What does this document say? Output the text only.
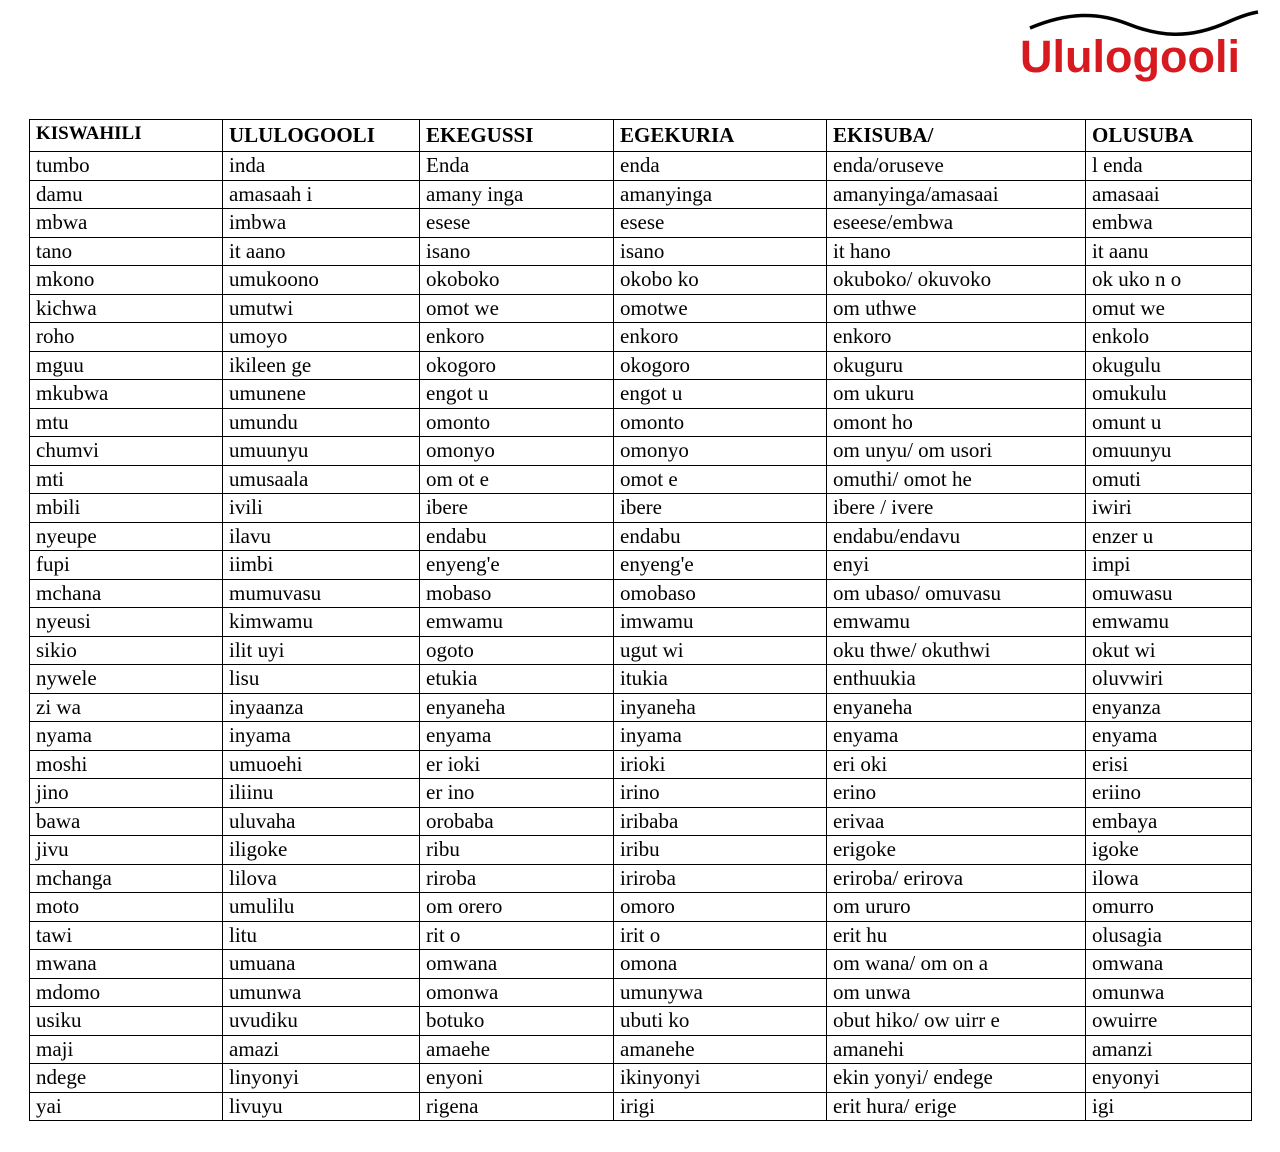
Ululogooli
KISWAHILI	ULULOGOOLI	EKEGUSSI	EGEKURIA	EKISUBA/	OLUSUBA
tumbo	inda	Enda	enda	enda/oruseve	l enda
damu	amasaah i	amany inga	amanyinga	amanyinga/amasaai	amasaai
mbwa	imbwa	esese	esese	eseese/embwa	embwa
tano	it aano	isano	isano	it hano	it aanu
mkono	umukoono	okoboko	okobo ko	okuboko/ okuvoko	ok uko n o
kichwa	umutwi	omot we	omotwe	om uthwe	omut we
roho	umoyo	enkoro	enkoro	enkoro	enkolo
mguu	ikileen ge	okogoro	okogoro	okuguru	okugulu
mkubwa	umunene	engot u	engot u	om ukuru	omukulu
mtu	umundu	omonto	omonto	omont ho	omunt u
chumvi	umuunyu	omonyo	omonyo	om unyu/ om usori	omuunyu
mti	umusaala	om ot e	omot e	omuthi/ omot he	omuti
mbili	ivili	ibere	ibere	ibere / ivere	iwiri
nyeupe	ilavu	endabu	endabu	endabu/endavu	enzer u
fupi	iimbi	enyeng'e	enyeng'e	enyi	impi
mchana	mumuvasu	mobaso	omobaso	om ubaso/ omuvasu	omuwasu
nyeusi	kimwamu	emwamu	imwamu	emwamu	emwamu
sikio	ilit uyi	ogoto	ugut wi	oku thwe/ okuthwi	okut wi
nywele	lisu	etukia	itukia	enthuukia	oluvwiri
zi wa	inyaanza	enyaneha	inyaneha	enyaneha	enyanza
nyama	inyama	enyama	inyama	enyama	enyama
moshi	umuoehi	er ioki	irioki	eri oki	erisi
jino	iliinu	er ino	irino	erino	eriino
bawa	uluvaha	orobaba	iribaba	erivaa	embaya
jivu	iligoke	ribu	iribu	erigoke	igoke
mchanga	lilova	riroba	iriroba	eriroba/ erirova	ilowa
moto	umulilu	om orero	omoro	om ururo	omurro
tawi	litu	rit o	irit o	erit hu	olusagia
mwana	umuana	omwana	omona	om wana/ om on a	omwana
mdomo	umunwa	omonwa	umunywa	om unwa	omunwa
usiku	uvudiku	botuko	ubuti ko	obut hiko/ ow uirr e	owuirre
maji	amazi	amaehe	amanehe	amanehi	amanzi
ndege	linyonyi	enyoni	ikinyonyi	ekin yonyi/ endege	enyonyi
yai	livuyu	rigena	irigi	erit hura/ erige	igi
